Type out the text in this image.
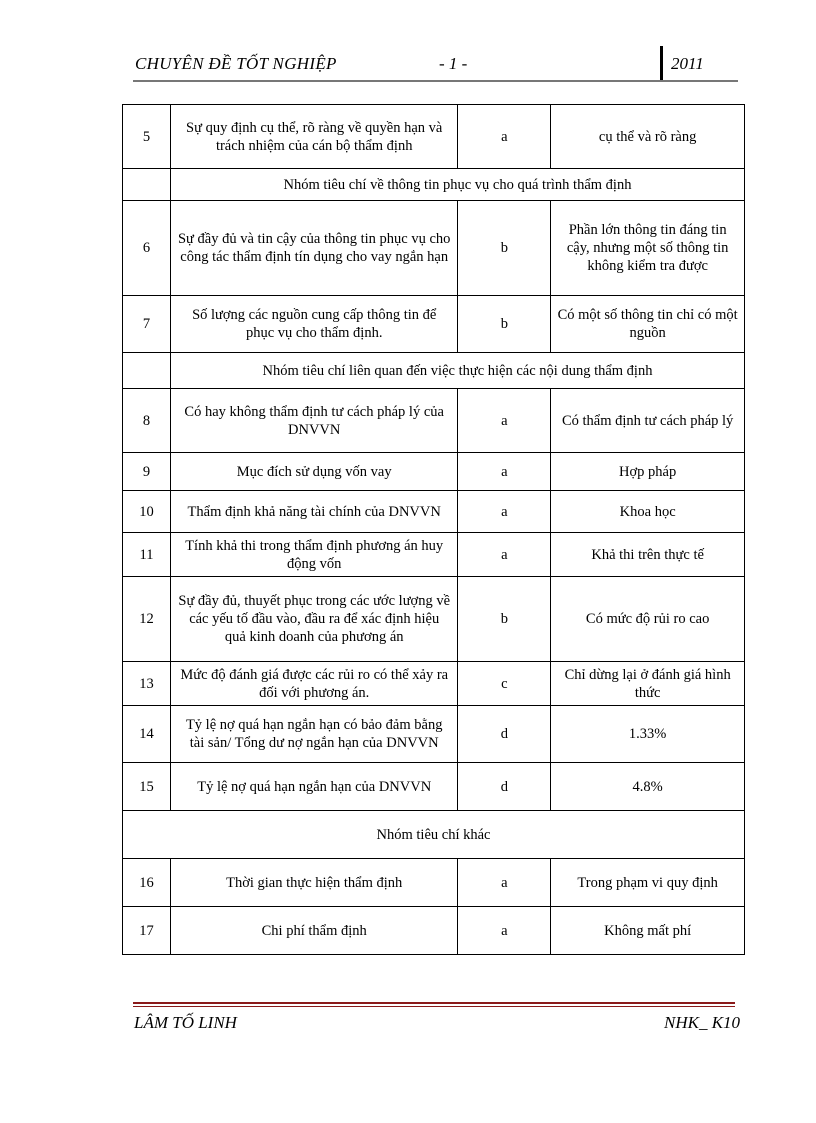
CHUYÊN ĐỀ TỐT NGHIỆP	- 1 -	2011
5	Sự quy định cụ thể, rõ ràng về quyền hạn và trách nhiệm của cán bộ thẩm định	a	cụ thể và rõ ràng
	Nhóm tiêu chí về thông tin phục vụ cho quá trình thẩm định		
6	Sự đầy đủ và tin cậy của thông tin phục vụ cho công tác thẩm định tín dụng cho vay ngắn hạn	b	Phần lớn thông tin đáng tin cậy, nhưng một số thông tin không kiểm tra được
7	Số lượng các nguồn cung cấp thông tin để phục vụ cho thẩm định.	b	Có một số thông tin chỉ có một nguồn
	Nhóm tiêu chí liên quan đến việc thực hiện các nội dung thẩm định		
8	Có hay không thẩm định tư cách pháp lý của DNVVN	a	Có thẩm định tư cách pháp lý
9	Mục đích sử dụng vốn vay	a	Hợp pháp
10	Thẩm định khả năng tài chính của DNVVN	a	Khoa học
11	Tính khả thi trong thẩm định phương án huy động vốn	a	Khả thi trên thực tế
12	Sự đầy đủ, thuyết phục trong các ước lượng về các yếu tố đầu vào, đầu ra để xác định hiệu quả kinh doanh của phương án	b	Có mức độ rủi ro cao
13	Mức độ đánh giá được các rủi ro có thể xảy ra đối với phương án.	c	Chỉ dừng lại ở đánh giá hình thức
14	Tỷ lệ nợ quá hạn ngắn hạn có bảo đảm bằng tài sản/ Tổng dư nợ ngắn hạn của DNVVN	d	1.33%
15	Tỷ lệ nợ quá hạn ngắn hạn của DNVVN	d	4.8%
Nhóm tiêu chí khác			
16	Thời gian thực hiện thẩm định	a	Trong phạm vi quy định
17	Chi phí thẩm định	a	Không mất phí
LÂM TỐ LINH	NHK_ K10
